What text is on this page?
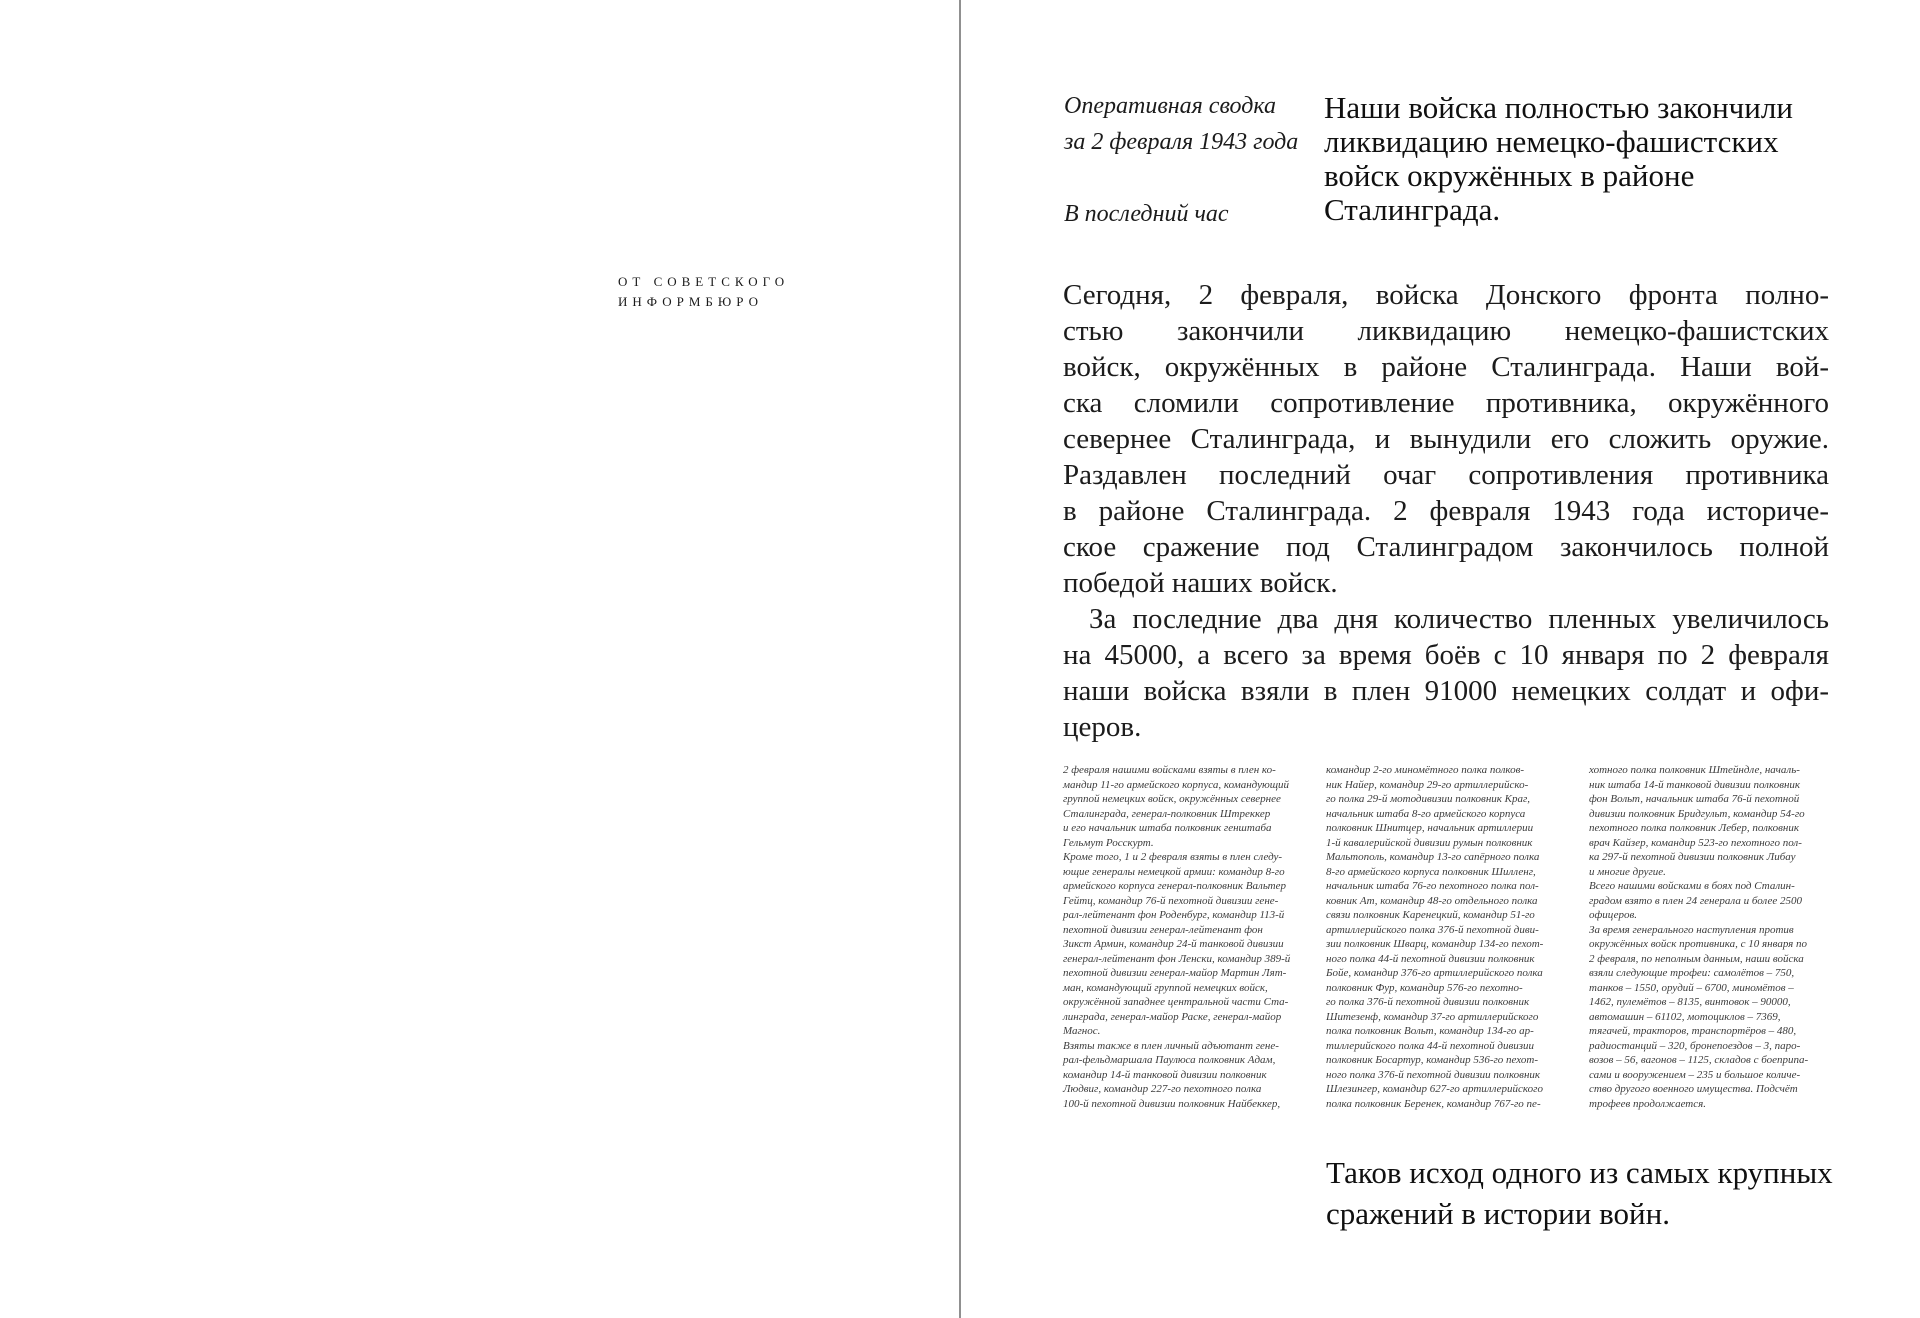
ОТ СОВЕТСКОГО
ИНФОРМБЮРО
Оперативная сводка
за 2 февраля 1943 года
В последний час
Наши войска полностью закончили
ликвидацию немецко-фашистских
войск окружённых в районе
Сталинграда.
Сегодня, 2 февраля, войска Донского фронта полно-
стью закончили ликвидацию немецко-фашистских
войск, окружённых в районе Сталинграда. Наши вой-
ска сломили сопротивление противника, окружённого
севернее Сталинграда, и вынудили его сложить оружие.
Раздавлен последний очаг сопротивления противника
в районе Сталинграда. 2 февраля 1943 года историче-
ское сражение под Сталинградом закончилось полной
победой наших войск.
За последние два дня количество пленных увеличилось
на 45000, а всего за время боёв с 10 января по 2 февраля
наши войска взяли в плен 91000 немецких солдат и офи-
церов.
2 февраля нашими войсками взяты в плен ко-
мандир 11-го армейского корпуса, командующий
группой немецких войск, окружённых севернее
Сталинграда, генерал-полковник Штреккер
и его начальник штаба полковник генштаба
Гельмут Росскурт.
Кроме того, 1 и 2 февраля взяты в плен следу-
ющие генералы немецкой армии: командир 8-го
армейского корпуса генерал-полковник Вальтер
Гейтц, командир 76-й пехотной дивизии гене-
рал-лейтенант фон Роденбург, командир 113-й
пехотной дивизии генерал-лейтенант фон
Зикст Армин, командир 24-й танковой дивизии
генерал-лейтенант фон Ленски, командир 389-й
пехотной дивизии генерал-майор Мартин Лят-
ман, командующий группой немецких войск,
окружённой западнее центральной части Ста-
линграда, генерал-майор Раске, генерал-майор
Магнос.
Взяты также в плен личный адъютант гене-
рал-фельдмаршала Паулюса полковник Адам,
командир 14-й танковой дивизии полковник
Людвиг, командир 227-го пехотного полка
100-й пехотной дивизии полковник Найбеккер,
командир 2-го миномётного полка полков-
ник Найер, командир 29-го артиллерийско-
го полка 29-й мотодивизии полковник Краг,
начальник штаба 8-го армейского корпуса
полковник Шнитцер, начальник артиллерии
1-й кавалерийской дивизии румын полковник
Мальтополь, командир 13-го сапёрного полка
8-го армейского корпуса полковник Шилленг,
начальник штаба 76-го пехотного полка пол-
ковник Ат, командир 48-го отдельного полка
связи полковник Каренецкий, командир 51-го
артиллерийского полка 376-й пехотной диви-
зии полковник Шварц, командир 134-го пехот-
ного полка 44-й пехотной дивизии полковник
Бойе, командир 376-го артиллерийского полка
полковник Фур, командир 576-го пехотно-
го полка 376-й пехотной дивизии полковник
Шитезенф, командир 37-го артиллерийского
полка полковник Вольт, командир 134-го ар-
тиллерийского полка 44-й пехотной дивизии
полковник Босартур, командир 536-го пехот-
ного полка 376-й пехотной дивизии полковник
Шлезингер, командир 627-го артиллерийского
полка полковник Беренек, командир 767-го пе-
хотного полка полковник Штейндле, началь-
ник штаба 14-й танковой дивизии полковник
фон Вольт, начальник штаба 76-й пехотной
дивизии полковник Бридгульт, командир 54-го
пехотного полка полковник Лебер, полковник
врач Кайзер, командир 523-го пехотного пол-
ка 297-й пехотной дивизии полковник Либау
и многие другие.
Всего нашими войсками в боях под Сталин-
градом взято в плен 24 генерала и более 2500
офицеров.
За время генерального наступления против
окружённых войск противника, с 10 января по
2 февраля, по неполным данным, наши войска
взяли следующие трофеи: самолётов – 750,
танков – 1550, орудий – 6700, миномётов –
1462, пулемётов – 8135, винтовок – 90000,
автомашин – 61102, мотоциклов – 7369,
тягачей, тракторов, транспортёров – 480,
радиостанций – 320, бронепоездов – 3, паро-
возов – 56, вагонов – 1125, складов с боеприпа-
сами и вооружением – 235 и большое количе-
ство другого военного имущества. Подсчёт
трофеев продолжается.
Таков исход одного из самых крупных
сражений в истории войн.
